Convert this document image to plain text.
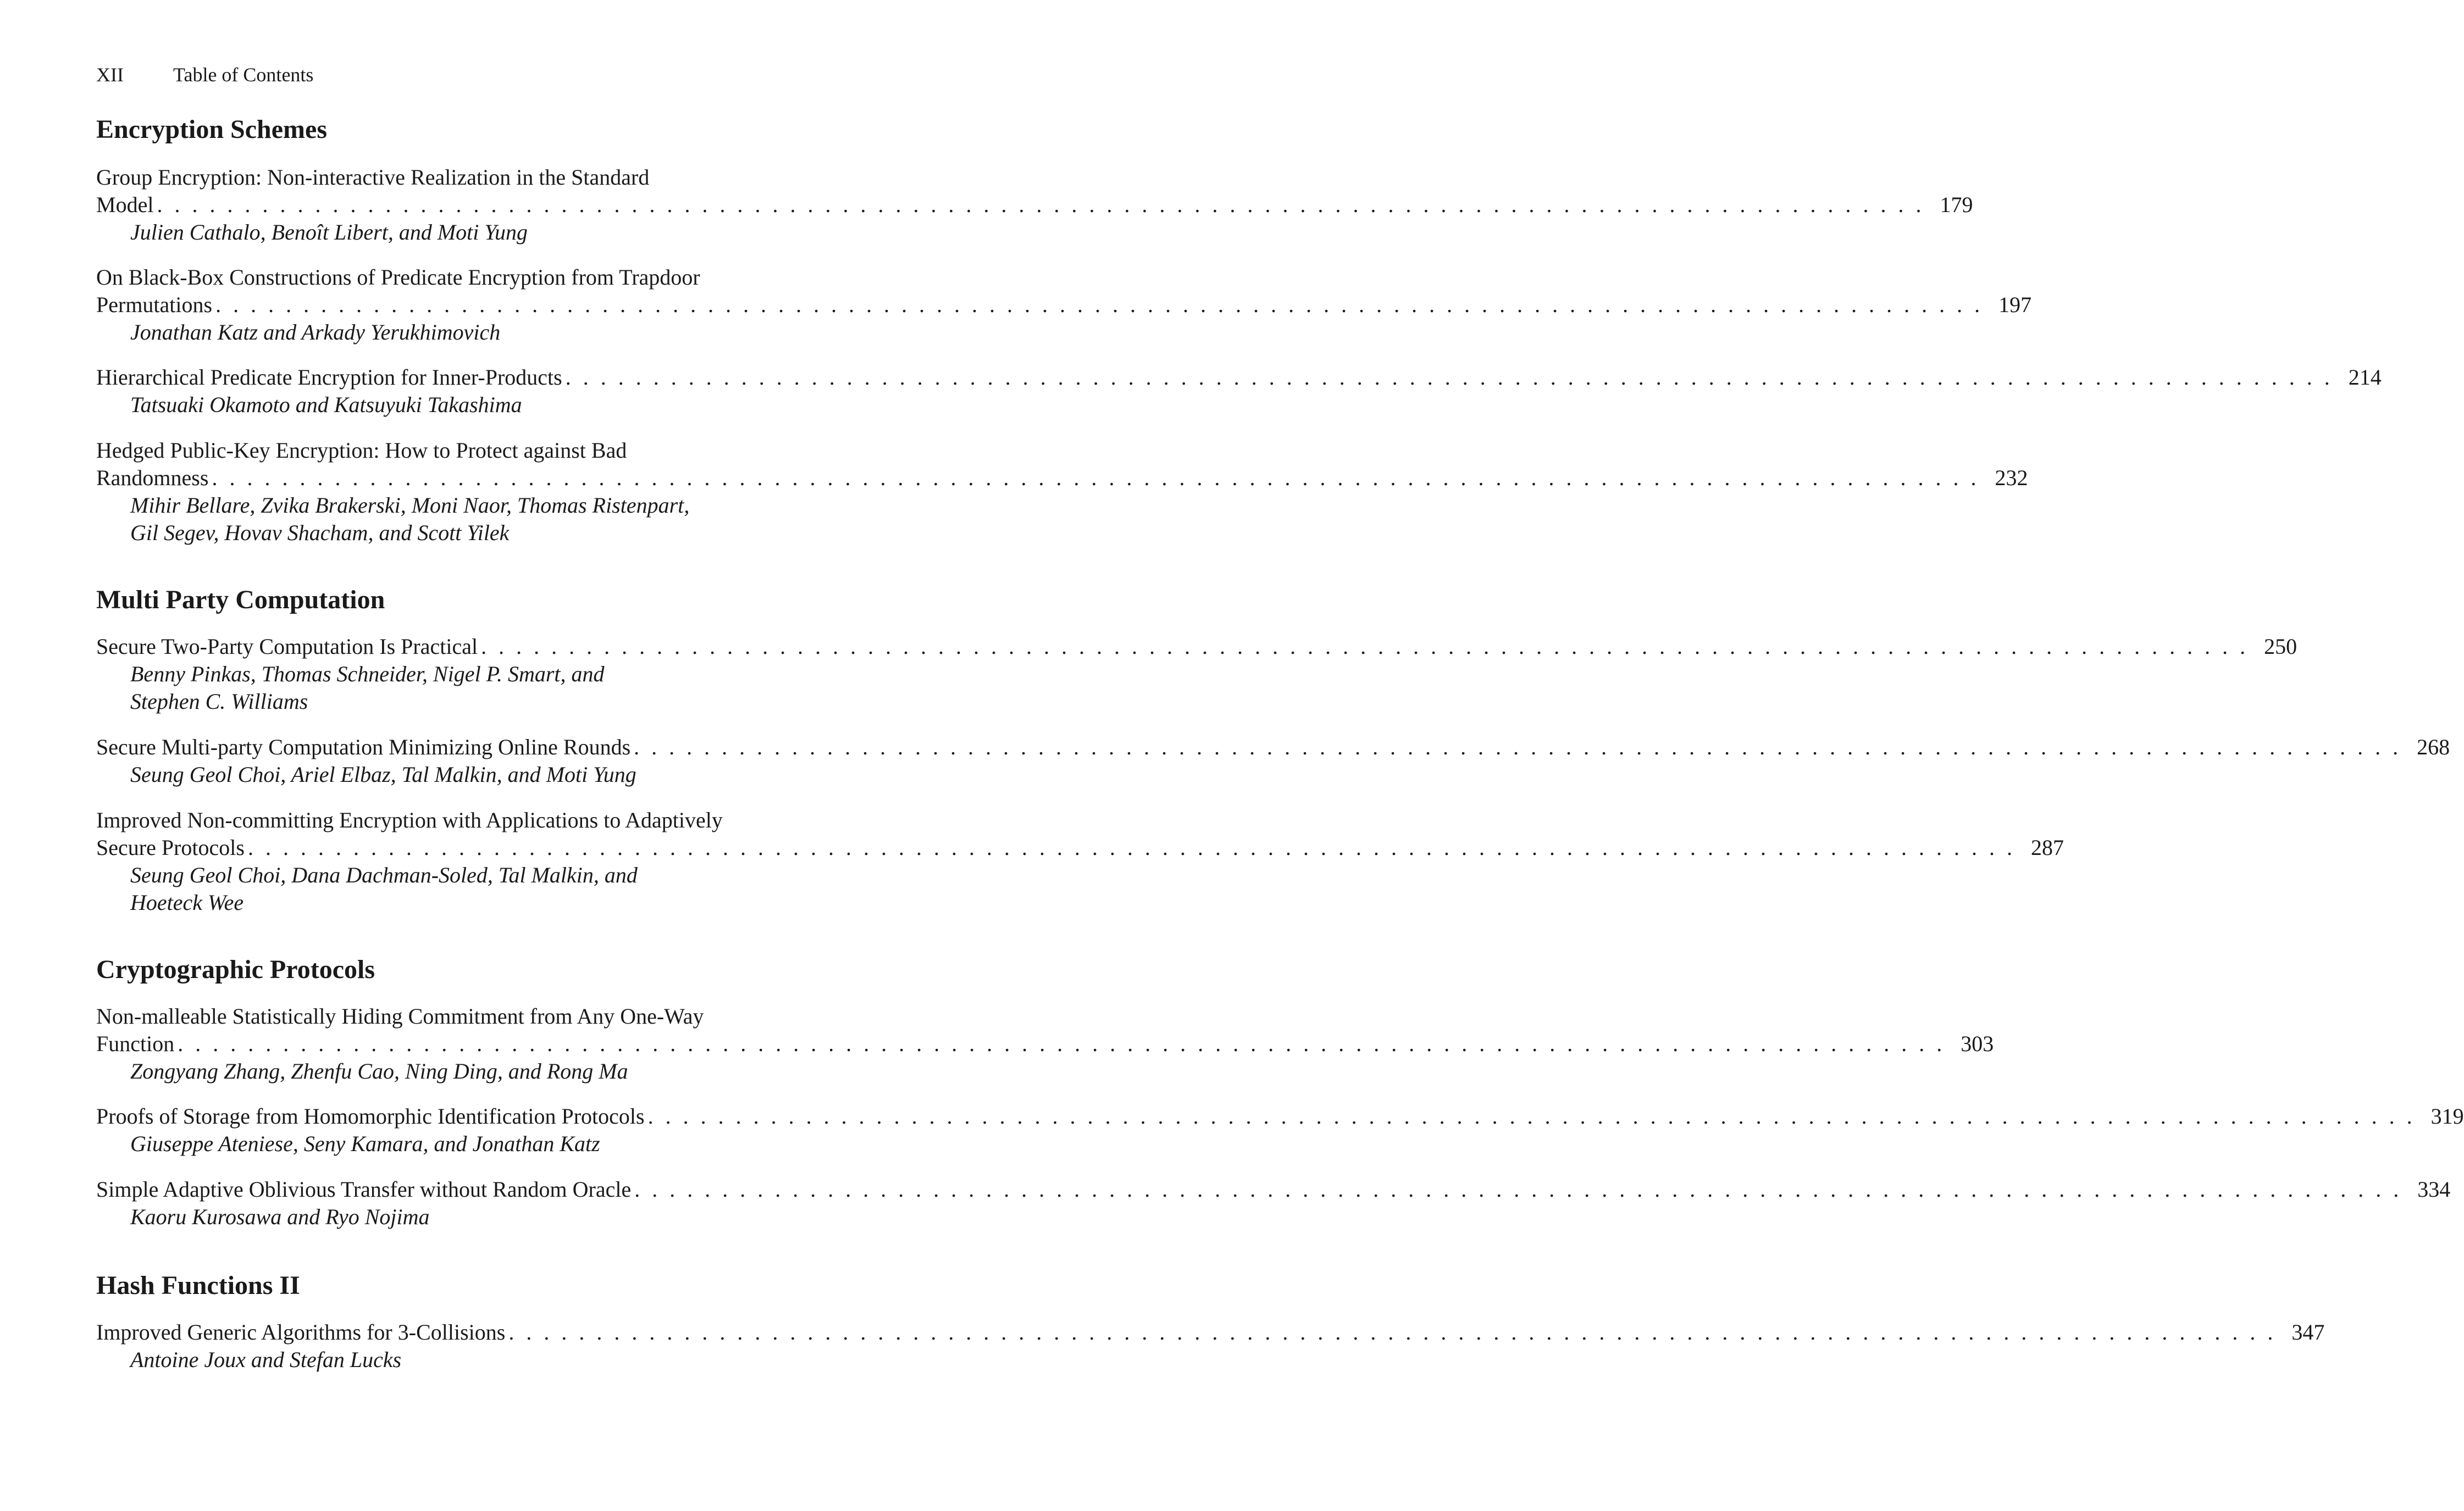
XII	Table of Contents
Encryption Schemes
Group Encryption: Non-interactive Realization in the Standard
Model . . . . . . . . . . . . . . . . . . . . . . . . . . . . . . . . . . . . . . . . . . . . . . . . . . . . . . . . . . . . . . . . . . . . . . . . . . . . . . . . . . . . . . . . . . . . . . . . . . . . . 179
Julien Cathalo, Benoît Libert, and Moti Yung
On Black-Box Constructions of Predicate Encryption from Trapdoor
Permutations . . . . . . . . . . . . . . . . . . . . . . . . . . . . . . . . . . . . . . . . . . . . . . . . . . . . . . . . . . . . . . . . . . . . . . . . . . . . . . . . . . . . . . . . . . . . . . . . . . . . . 197
Jonathan Katz and Arkady Yerukhimovich
Hierarchical Predicate Encryption for Inner-Products . . . . . . . . . . . . . . . . . . . . . . . . . . . . . . . . . . . . . . . . . . . . . . . . . . . . . . . . . . . . . . . . . . . . . . . . . . . . . . . . . . . . . . . . . . . . . . . . . . . . . 214
Tatsuaki Okamoto and Katsuyuki Takashima
Hedged Public-Key Encryption: How to Protect against Bad
Randomness . . . . . . . . . . . . . . . . . . . . . . . . . . . . . . . . . . . . . . . . . . . . . . . . . . . . . . . . . . . . . . . . . . . . . . . . . . . . . . . . . . . . . . . . . . . . . . . . . . . . . 232
Mihir Bellare, Zvika Brakerski, Moni Naor, Thomas Ristenpart,
Gil Segev, Hovav Shacham, and Scott Yilek
Multi Party Computation
Secure Two-Party Computation Is Practical . . . . . . . . . . . . . . . . . . . . . . . . . . . . . . . . . . . . . . . . . . . . . . . . . . . . . . . . . . . . . . . . . . . . . . . . . . . . . . . . . . . . . . . . . . . . . . . . . . . . . 250
Benny Pinkas, Thomas Schneider, Nigel P. Smart, and
Stephen C. Williams
Secure Multi-party Computation Minimizing Online Rounds . . . . . . . . . . . . . . . . . . . . . . . . . . . . . . . . . . . . . . . . . . . . . . . . . . . . . . . . . . . . . . . . . . . . . . . . . . . . . . . . . . . . . . . . . . . . . . . . . . . . . 268
Seung Geol Choi, Ariel Elbaz, Tal Malkin, and Moti Yung
Improved Non-committing Encryption with Applications to Adaptively
Secure Protocols . . . . . . . . . . . . . . . . . . . . . . . . . . . . . . . . . . . . . . . . . . . . . . . . . . . . . . . . . . . . . . . . . . . . . . . . . . . . . . . . . . . . . . . . . . . . . . . . . . . . . 287
Seung Geol Choi, Dana Dachman-Soled, Tal Malkin, and
Hoeteck Wee
Cryptographic Protocols
Non-malleable Statistically Hiding Commitment from Any One-Way
Function . . . . . . . . . . . . . . . . . . . . . . . . . . . . . . . . . . . . . . . . . . . . . . . . . . . . . . . . . . . . . . . . . . . . . . . . . . . . . . . . . . . . . . . . . . . . . . . . . . . . . 303
Zongyang Zhang, Zhenfu Cao, Ning Ding, and Rong Ma
Proofs of Storage from Homomorphic Identification Protocols . . . . . . . . . . . . . . . . . . . . . . . . . . . . . . . . . . . . . . . . . . . . . . . . . . . . . . . . . . . . . . . . . . . . . . . . . . . . . . . . . . . . . . . . . . . . . . . . . . . . . 319
Giuseppe Ateniese, Seny Kamara, and Jonathan Katz
Simple Adaptive Oblivious Transfer without Random Oracle . . . . . . . . . . . . . . . . . . . . . . . . . . . . . . . . . . . . . . . . . . . . . . . . . . . . . . . . . . . . . . . . . . . . . . . . . . . . . . . . . . . . . . . . . . . . . . . . . . . . . 334
Kaoru Kurosawa and Ryo Nojima
Hash Functions II
Improved Generic Algorithms for 3-Collisions . . . . . . . . . . . . . . . . . . . . . . . . . . . . . . . . . . . . . . . . . . . . . . . . . . . . . . . . . . . . . . . . . . . . . . . . . . . . . . . . . . . . . . . . . . . . . . . . . . . . . 347
Antoine Joux and Stefan Lucks
